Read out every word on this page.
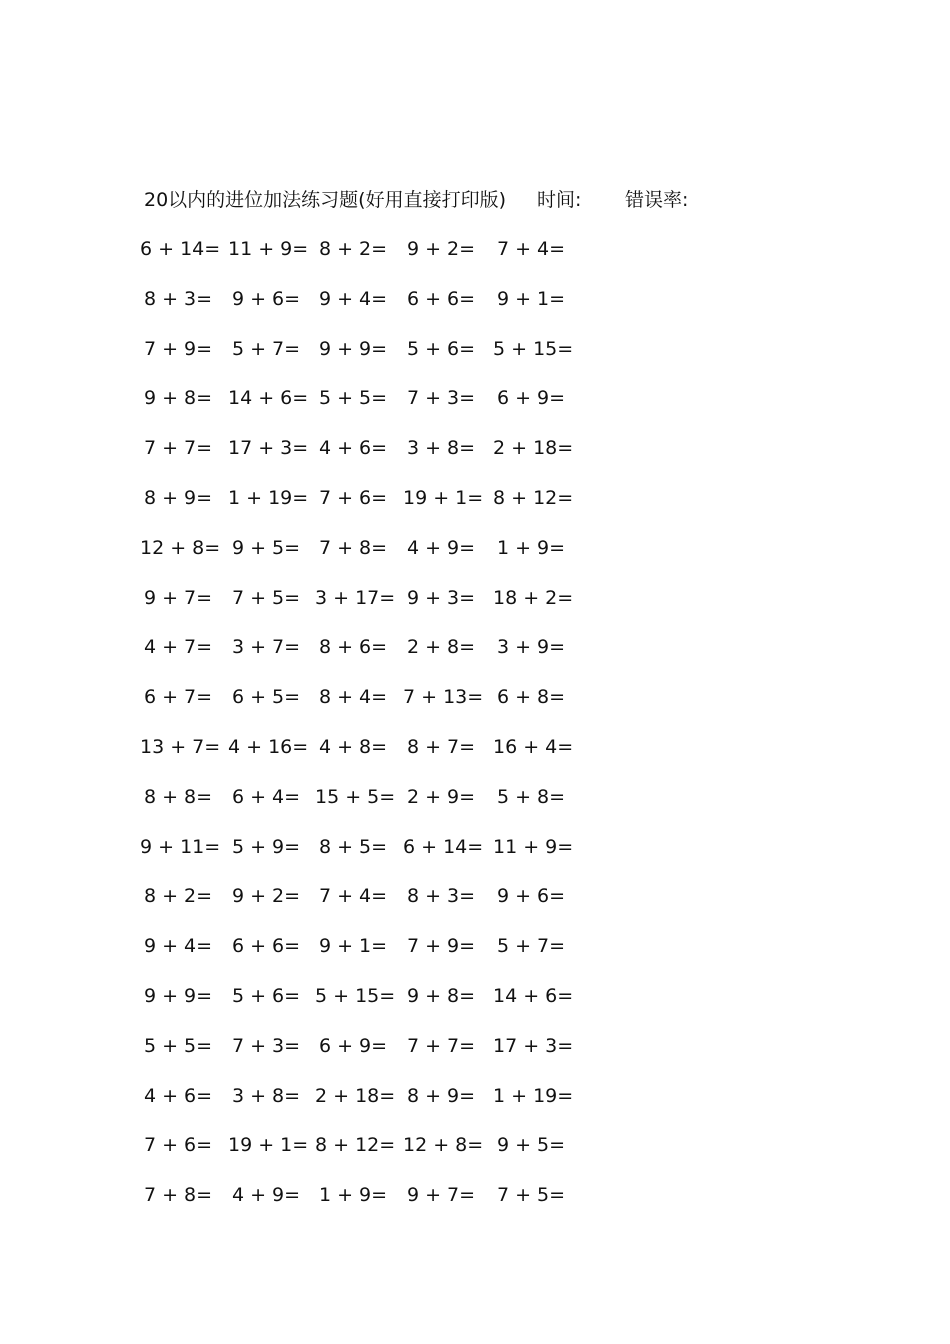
20以内的进位加法练习题(好用直接打印版) 时间: 错误率:
6 + 14= 11 + 9= 8 + 2= 9 + 2= 7 + 4=
8 + 3= 9 + 6= 9 + 4= 6 + 6= 9 + 1=
7 + 9= 5 + 7= 9 + 9= 5 + 6= 5 + 15=
9 + 8= 14 + 6= 5 + 5= 7 + 3= 6 + 9=
7 + 7= 17 + 3= 4 + 6= 3 + 8= 2 + 18=
8 + 9= 1 + 19= 7 + 6= 19 + 1= 8 + 12=
12 + 8= 9 + 5= 7 + 8= 4 + 9= 1 + 9=
9 + 7= 7 + 5= 3 + 17= 9 + 3= 18 + 2=
4 + 7= 3 + 7= 8 + 6= 2 + 8= 3 + 9=
6 + 7= 6 + 5= 8 + 4= 7 + 13= 6 + 8=
13 + 7= 4 + 16= 4 + 8= 8 + 7= 16 + 4=
8 + 8= 6 + 4= 15 + 5= 2 + 9= 5 + 8=
9 + 11= 5 + 9= 8 + 5= 6 + 14= 11 + 9=
8 + 2= 9 + 2= 7 + 4= 8 + 3= 9 + 6=
9 + 4= 6 + 6= 9 + 1= 7 + 9= 5 + 7=
9 + 9= 5 + 6= 5 + 15= 9 + 8= 14 + 6=
5 + 5= 7 + 3= 6 + 9= 7 + 7= 17 + 3=
4 + 6= 3 + 8= 2 + 18= 8 + 9= 1 + 19=
7 + 6= 19 + 1= 8 + 12= 12 + 8= 9 + 5=
7 + 8= 4 + 9= 1 + 9= 9 + 7= 7 + 5=
